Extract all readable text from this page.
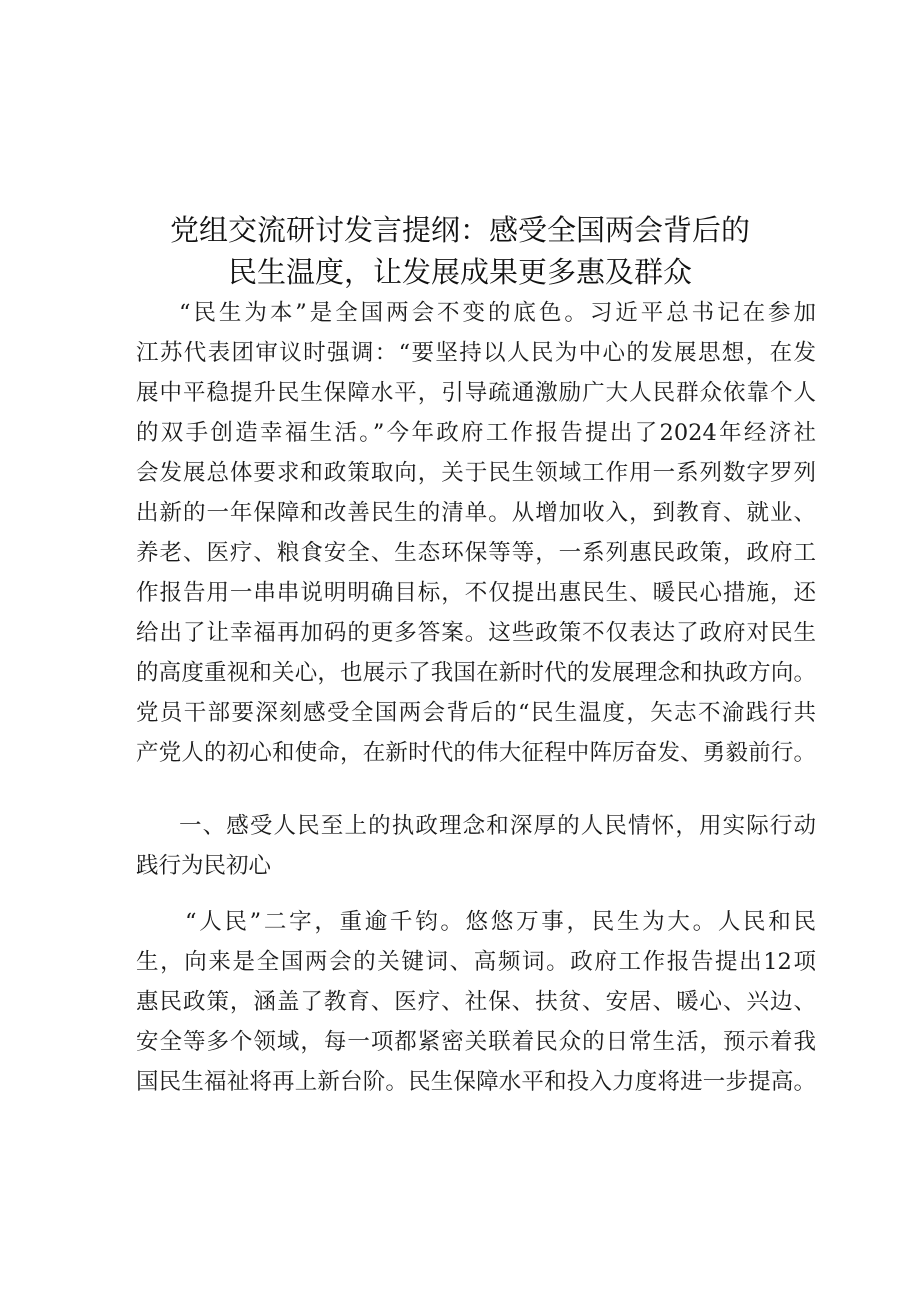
党组交流研讨发言提纲：感受全国两会背后的
民生温度，让发展成果更多惠及群众
“民生为本”是全国两会不变的底色。习近平总书记在参加
江苏代表团审议时强调：“要坚持以人民为中心的发展思想，在发
展中平稳提升民生保障水平，引导疏通激励广大人民群众依靠个人
的双手创造幸福生活。”今年政府工作报告提出了2024年经济社
会发展总体要求和政策取向，关于民生领域工作用一系列数字罗列
出新的一年保障和改善民生的清单。从增加收入，到教育、就业、
养老、医疗、粮食安全、生态环保等等，一系列惠民政策，政府工
作报告用一串串说明明确目标，不仅提出惠民生、暖民心措施，还
给出了让幸福再加码的更多答案。这些政策不仅表达了政府对民生
的高度重视和关心，也展示了我国在新时代的发展理念和执政方向。
党员干部要深刻感受全国两会背后的“民生温度，矢志不渝践行共
产党人的初心和使命，在新时代的伟大征程中阵厉奋发、勇毅前行。
一、感受人民至上的执政理念和深厚的人民情怀，用实际行动
践行为民初心
“人民”二字，重逾千钧。悠悠万事，民生为大。人民和民
生，向来是全国两会的关键词、高频词。政府工作报告提出12项
惠民政策，涵盖了教育、医疗、社保、扶贫、安居、暖心、兴边、
安全等多个领域，每一项都紧密关联着民众的日常生活，预示着我
国民生福祉将再上新台阶。民生保障水平和投入力度将进一步提高。
